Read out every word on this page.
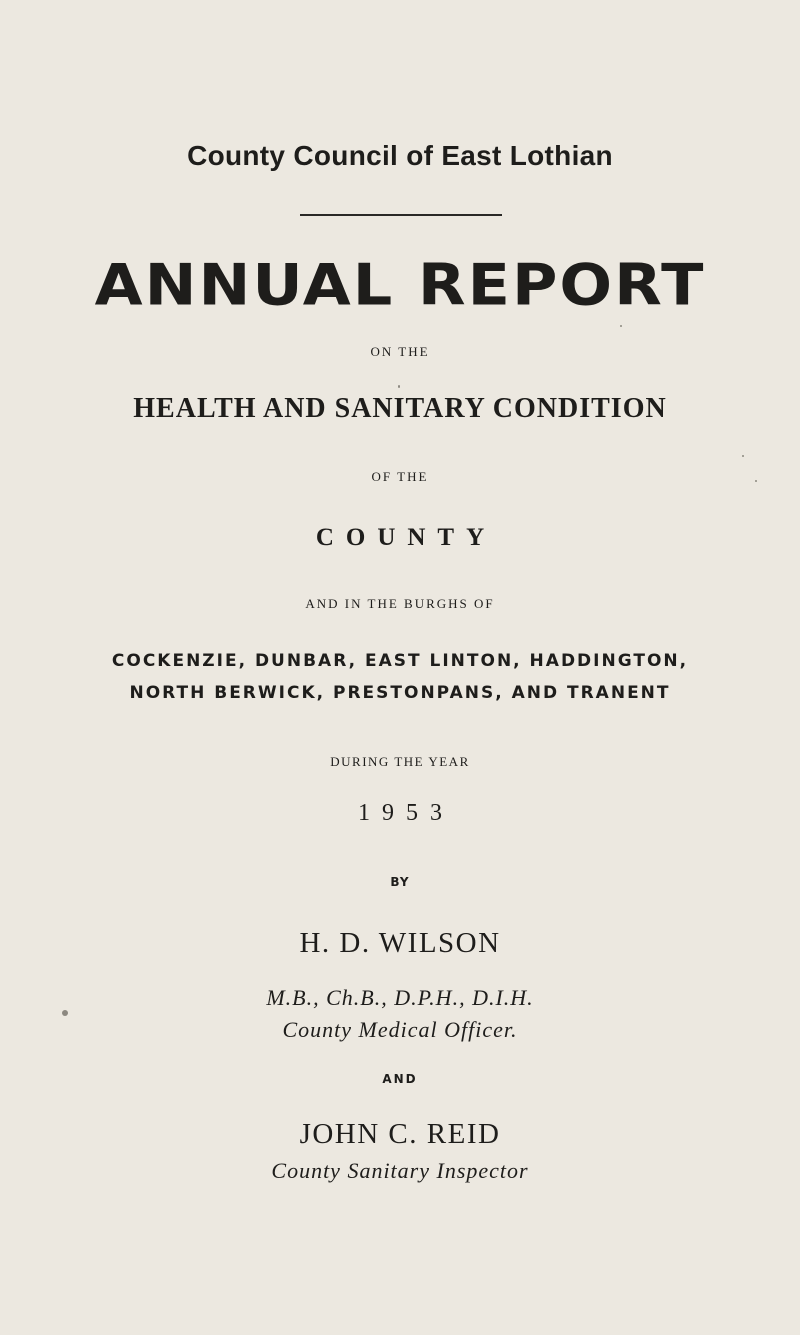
County Council of East Lothian
ANNUAL REPORT
ON THE
HEALTH AND SANITARY CONDITION
OF THE
COUNTY
AND IN THE BURGHS OF
COCKENZIE, DUNBAR, EAST LINTON, HADDINGTON,
NORTH BERWICK, PRESTONPANS, AND TRANENT
DURING THE YEAR
1953
BY
H. D. WILSON
M.B., Ch.B., D.P.H., D.I.H.
County Medical Officer.
AND
JOHN C. REID
County Sanitary Inspector
